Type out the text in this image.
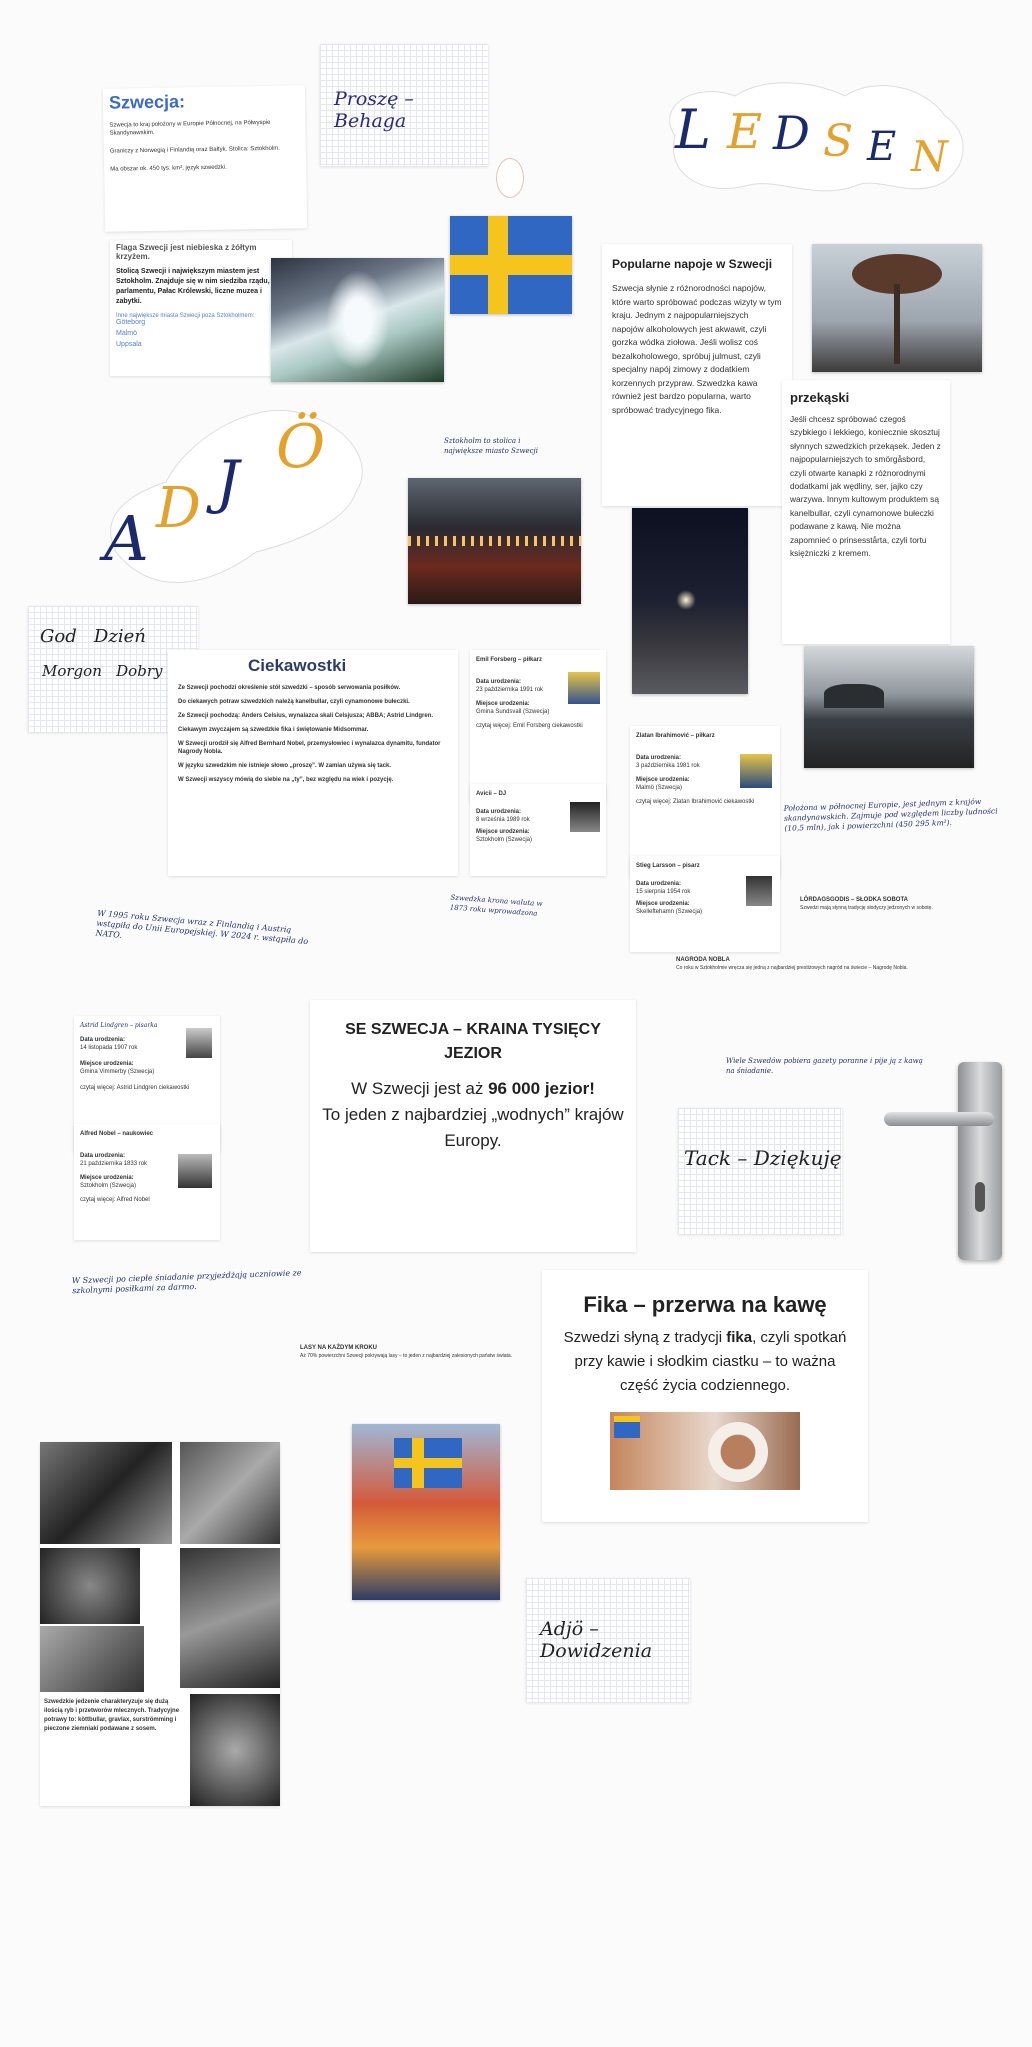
Szwecja:

Szwecja to kraj położony w Europie Północnej, na Półwyspie Skandynawskim.

Graniczy z Norwegią i Finlandią oraz Bałtyk. Stolica: Sztokholm.

Ma obszar ok. 450 tys. km², język szwedzki.

Flaga Szwecji jest niebieska z żółtym krzyżem.

Stolicą Szwecji i największym miastem jest Sztokholm. Znajduje się w nim siedziba rządu, parlamentu, Pałac Królewski, liczne muzea i zabytki.

Inne największe miasta Szwecji poza Sztokholmem:

Göteborg

Malmö

Uppsala

Proszę – Behaga	L E D S E N

Popularne napoje w Szwecji

Szwecja słynie z różnorodności napojów, które warto spróbować podczas wizyty w tym kraju. Jednym z najpopularniejszych napojów alkoholowych jest akwawit, czyli gorzka wódka ziołowa. Jeśli wolisz coś bezalkoholowego, spróbuj julmust, czyli specjalny napój zimowy z dodatkiem korzennych przypraw. Szwedzka kawa również jest bardzo popularna, warto spróbować tradycyjnego fika.

przekąski

Jeśli chcesz spróbować czegoś szybkiego i lekkiego, koniecznie skosztuj słynnych szwedzkich przekąsek. Jeden z najpopularniejszych to smörgåsbord, czyli otwarte kanapki z różnorodnymi dodatkami jak wędliny, ser, jajko czy warzywa. Innym kultowym produktem są kanelbullar, czyli cynamonowe bułeczki podawane z kawą. Nie można zapomnieć o prinsesstårta, czyli tortu księżniczki z kremem.

A D J Ö	Sztokholm to stolica i największe miasto Szwecji
God   Dzień
Morgon   Dobry	Ciekawostki

Ze Szwecji pochodzi określenie stół szwedzki – sposób serwowania posiłków.

Do ciekawych potraw szwedzkich należą kanelbullar, czyli cynamonowe bułeczki.

Ze Szwecji pochodzą: Anders Celsius, wynalazca skali Celsjusza; ABBA; Astrid Lindgren.

Ciekawym zwyczajem są szwedzkie fika i świętowanie Midsommar.

W Szwecji urodził się Alfred Bernhard Nobel, przemysłowiec i wynalazca dynamitu, fundator Nagrody Nobla.

W języku szwedzkim nie istnieje słowo „proszę”. W zamian używa się tack.

W Szwecji wszyscy mówią do siebie na „ty”, bez względu na wiek i pozycję.

Emil Forsberg – piłkarz

Data urodzenia:

23 października 1991 rok

Miejsce urodzenia:

Gmina Sundsvall (Szwecja)

czytaj więcej: Emil Forsberg ciekawostki

Avicii – DJ

Data urodzenia:

8 września 1989 rok

Miejsce urodzenia:

Sztokholm (Szwecja)

Zlatan Ibrahimović – piłkarz

Data urodzenia:

3 października 1981 rok

Miejsce urodzenia:

Malmö (Szwecja)

czytaj więcej: Zlatan Ibrahimović ciekawostki

Stieg Larsson – pisarz

Data urodzenia:

15 sierpnia 1954 rok

Miejsce urodzenia:

Skelleftehamn (Szwecja)

Położona w północnej Europie, jest jednym z krajów skandynawskich. Zajmuje pod względem liczby ludności (10,5 mln), jak i powierzchni (450 295 km²).

LÖRDAGSGODIS – SŁODKA SOBOTA

Szwedzi mają słynną tradycję słodyczy jedzonych w sobotę.

Szwedzka krona waluta w 1873 roku wprowadzona
W 1995 roku Szwecja wraz z Finlandią i Austrią wstąpiła do Unii Europejskiej. W 2024 r. wstąpiła do NATO.

NAGRODA NOBLA

Co roku w Sztokholmie wręcza się jedną z najbardziej prestiżowych nagród na świecie – Nagrodę Nobla.

Astrid Lindgren – pisarka

Data urodzenia:

14 listopada 1907 rok

Miejsce urodzenia:

Gmina Vimmerby (Szwecja)

czytaj więcej: Astrid Lindgren ciekawostki

Alfred Nobel – naukowiec

Data urodzenia:

21 października 1833 rok

Miejsce urodzenia:

Sztokholm (Szwecja)

czytaj więcej: Alfred Nobel

SE SZWECJA – KRAINA TYSIĘCY JEZIOR

W Szwecji jest aż 96 000 jezior!
To jeden z najbardziej „wodnych” krajów Europy.

Wiele Szwedów pobiera gazety poranne i pije ją z kawą na śniadanie.
Tack – Dziękuję
W Szwecji po ciepłe śniadanie przyjeżdżają uczniowie ze szkolnymi posiłkami za darmo.

LASY NA KAŻDYM KROKU

Aż 70% powierzchni Szwecji pokrywają lasy – to jeden z najbardziej zalesionych państw świata.

Fika – przerwa na kawę

Szwedzi słyną z tradycji fika, czyli spotkań przy kawie i słodkim ciastku – to ważna część życia codziennego.

Adjö – Dowidzenia

Szwedzkie jedzenie charakteryzuje się dużą ilością ryb i przetworów mlecznych. Tradycyjne potrawy to: köttbullar, gravlax, surströmming i pieczone ziemniaki podawane z sosem.
